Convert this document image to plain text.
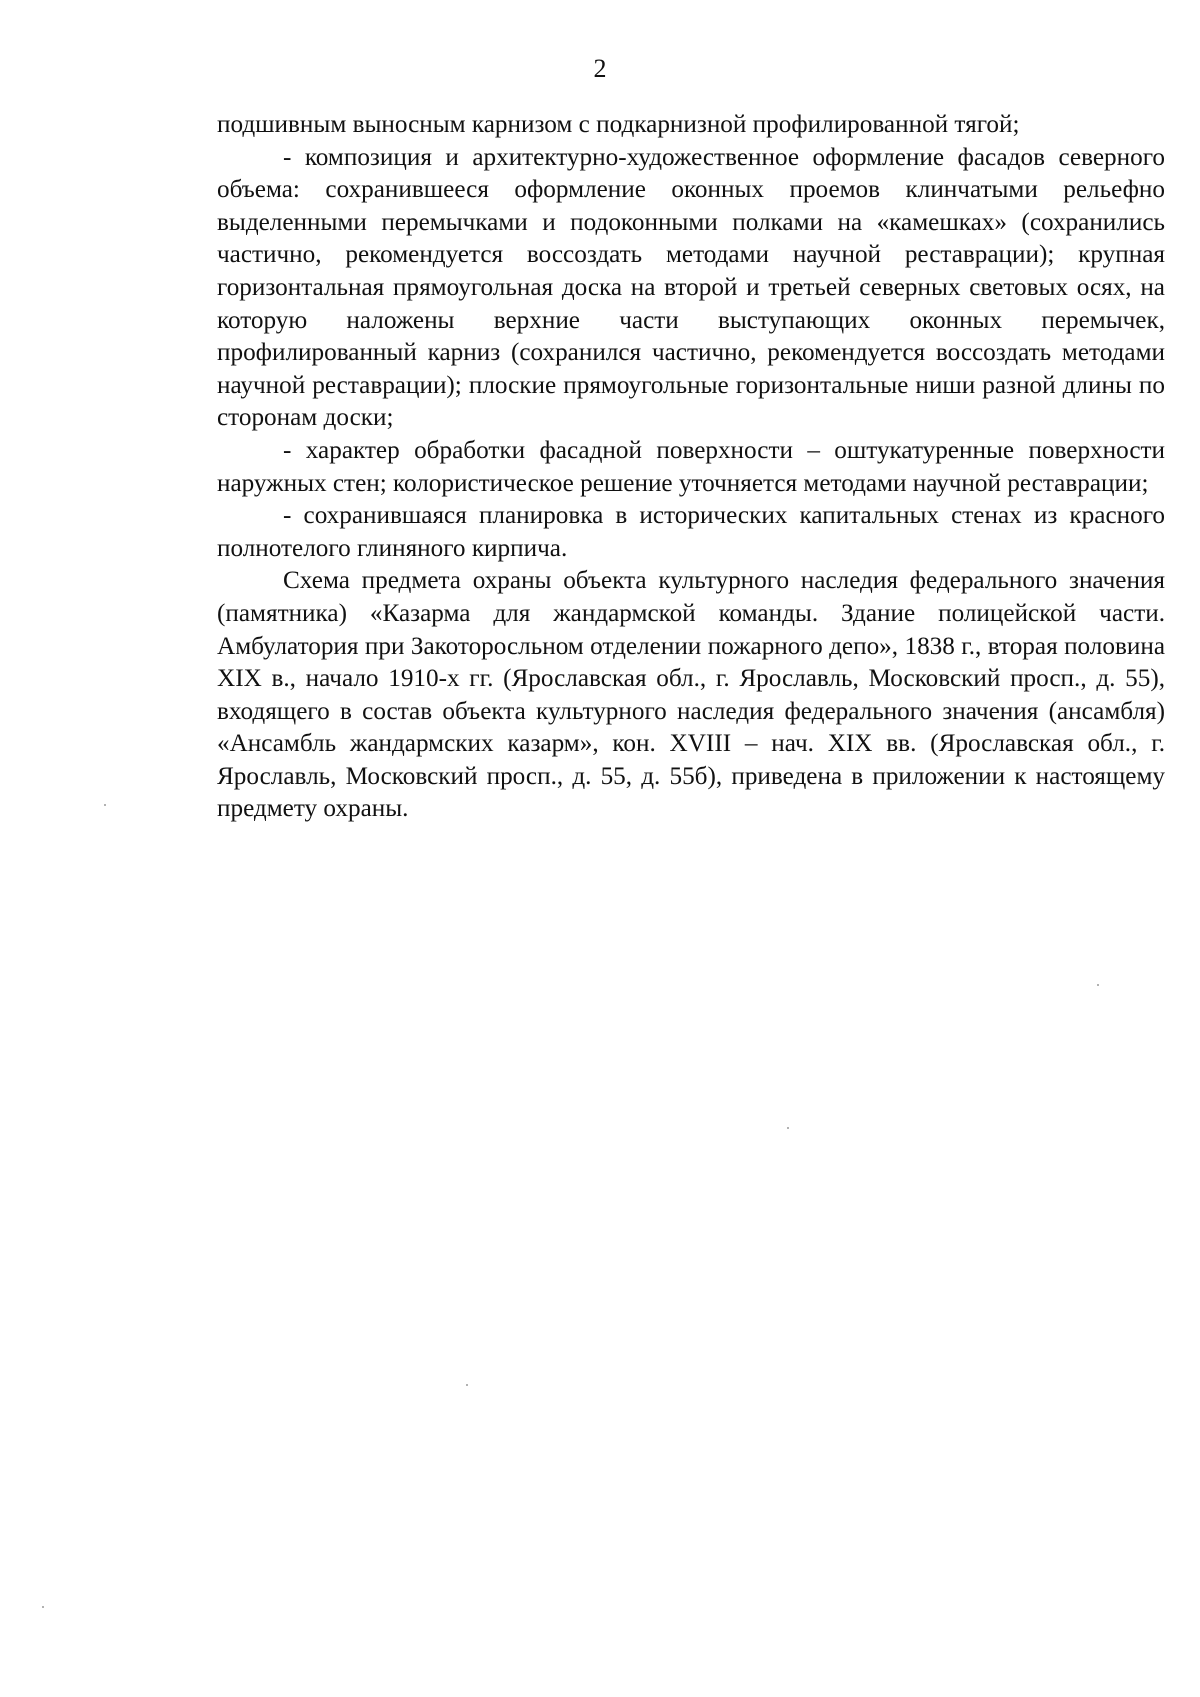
2

подшивным выносным карнизом с подкарнизной профилированной тягой;

- композиция и архитектурно-художественное оформление фасадов северного объема: сохранившееся оформление оконных проемов клинчатыми рельефно выделенными перемычками и подоконными полками на «камешках» (сохранились частично, рекомендуется воссоздать методами научной реставрации); крупная горизонтальная прямоугольная доска на второй и третьей северных световых осях, на которую наложены верхние части выступающих оконных перемычек, профилированный карниз (сохранился частично, рекомендуется воссоздать методами научной реставрации); плоские прямоугольные горизонтальные ниши разной длины по сторонам доски;

- характер обработки фасадной поверхности – оштукатуренные поверхности наружных стен; колористическое решение уточняется методами научной реставрации;

- сохранившаяся планировка в исторических капитальных стенах из красного полнотелого глиняного кирпича.

Схема предмета охраны объекта культурного наследия федерального значения (памятника) «Казарма для жандармской команды. Здание полицейской части. Амбулатория при Закоторосльном отделении пожарного депо», 1838 г., вторая половина XIX в., начало 1910-х гг. (Ярославская обл., г. Ярославль, Московский просп., д. 55), входящего в состав объекта культурного наследия федерального значения (ансамбля) «Ансамбль жандармских казарм», кон. XVIII – нач. XIX вв. (Ярославская обл., г. Ярославль, Московский просп., д. 55, д. 55б), приведена в приложении к настоящему предмету охраны.
